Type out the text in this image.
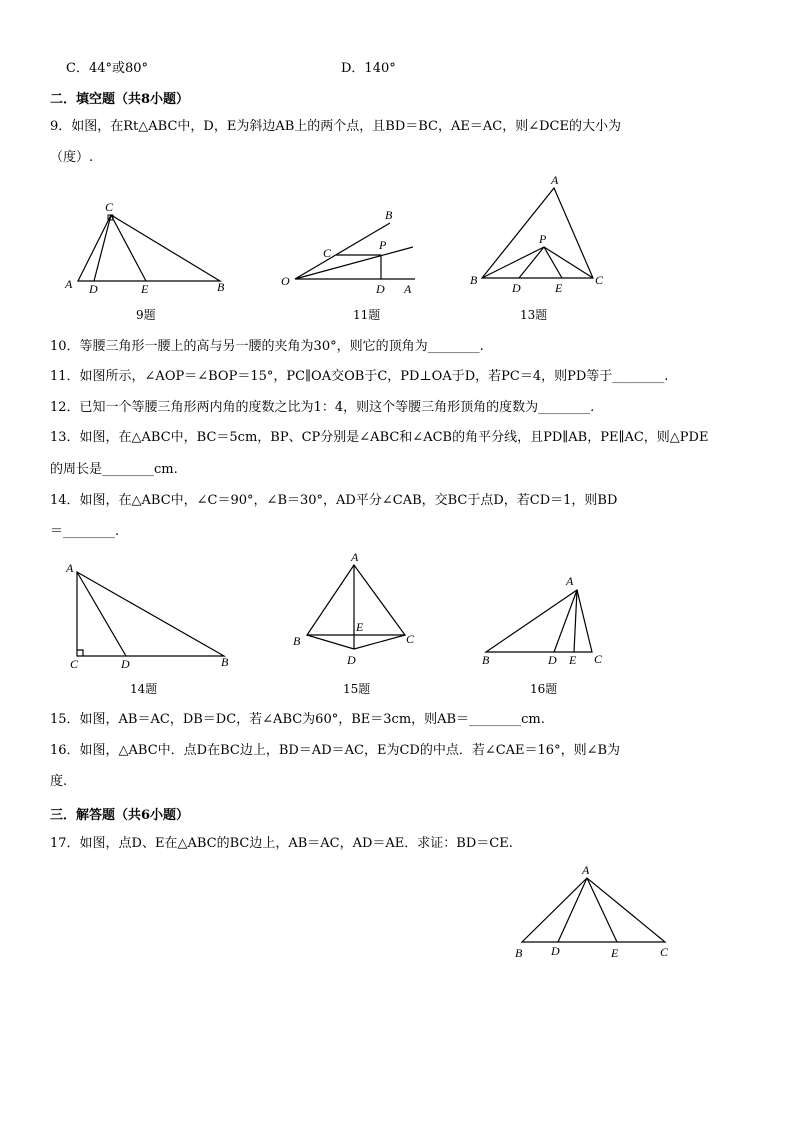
C．44°或80°	D．140°
二．填空题（共8小题）
9．如图，在Rt△ABC中，D，E为斜边AB上的两个点，且BD＝BC，AE＝AC，则∠DCE的大小为
（度）.
C
A D	E	B
9题
B
C
P
O
D A
11题
A
P
B
D	E
C
13题
10．等腰三角形一腰上的高与另一腰的夹角为30°，则它的顶角为________.
11．如图所示，∠AOP＝∠BOP＝15°，PC∥OA交OB于C，PD⊥OA于D，若PC＝4，则PD等于________.
12．已知一个等腰三角形两内角的度数之比为1：4，则这个等腰三角形顶角的度数为________.
13．如图，在△ABC中，BC＝5cm，BP、CP分别是∠ABC和∠ACB的角平分线，且PD∥AB，PE∥AC，则△PDE
的周长是________cm.
14．如图，在△ABC中，∠C＝90°，∠B＝30°，AD平分∠CAB，交BC于点D，若CD＝1，则BD
＝________.
A
C	D	B
14题
A
B
E
C
D
15题
A
B	D E C
16题
15．如图，AB＝AC，DB＝DC，若∠ABC为60°，BE＝3cm，则AB＝________cm.
16．如图，△ABC中．点D在BC边上，BD＝AD＝AC，E为CD的中点．若∠CAE＝16°，则∠B为
度.
三．解答题（共6小题）
17．如图，点D、E在△ABC的BC边上，AB＝AC，AD＝AE．求证：BD＝CE.
A
B D	E	C
